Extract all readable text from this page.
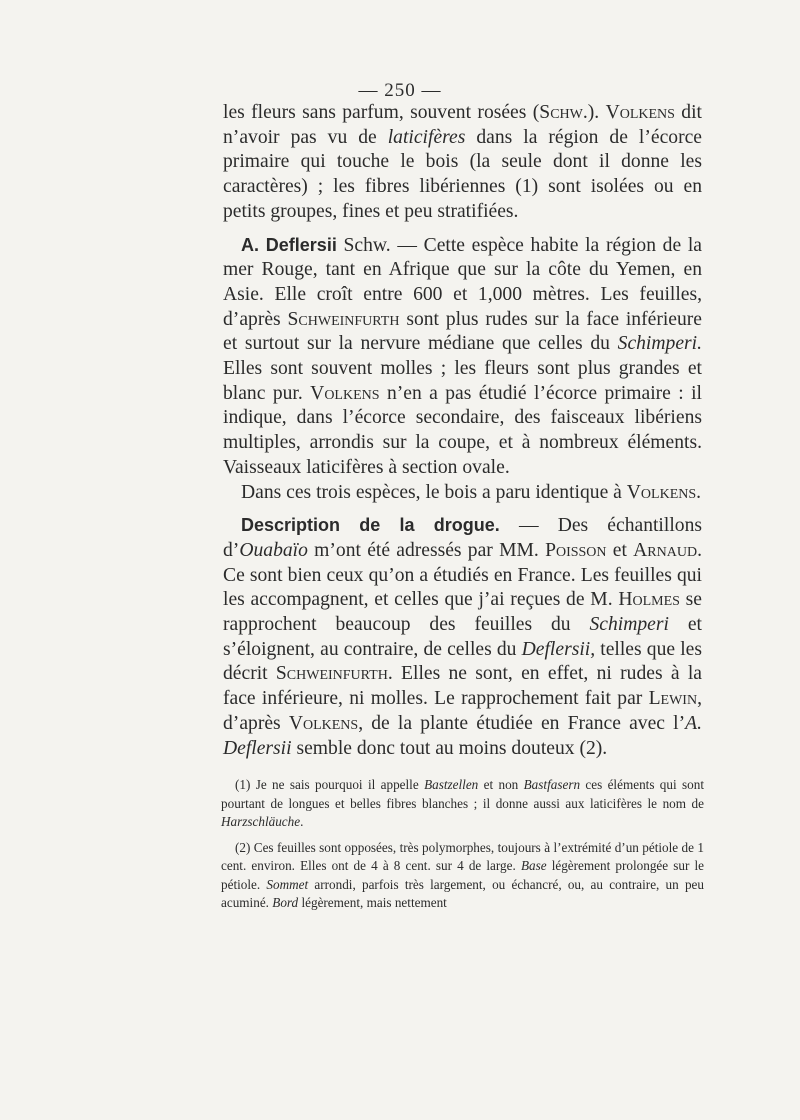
— 250 —

les fleurs sans parfum, souvent rosées (Schw.). Volkens dit n’avoir pas vu de laticifères dans la région de l’écorce primaire qui touche le bois (la seule dont il donne les caractères) ; les fibres libériennes (1) sont isolées ou en petits groupes, fines et peu stratifiées.

A. Deflersii Schw. — Cette espèce habite la région de la mer Rouge, tant en Afrique que sur la côte du Yemen, en Asie. Elle croît entre 600 et 1,000 mètres. Les feuilles, d’après Schweinfurth sont plus rudes sur la face inférieure et surtout sur la nervure médiane que celles du Schimperi. Elles sont souvent molles ; les fleurs sont plus grandes et blanc pur. Volkens n’en a pas étudié l’écorce primaire : il indique, dans l’écorce secondaire, des faisceaux libériens multiples, arrondis sur la coupe, et à nombreux éléments. Vaisseaux laticifères à section ovale.

Dans ces trois espèces, le bois a paru identique à Volkens.

Description de la drogue. — Des échantillons d’Ouabaïo m’ont été adressés par MM. Poisson et Arnaud. Ce sont bien ceux qu’on a étudiés en France. Les feuilles qui les accompagnent, et celles que j’ai reçues de M. Holmes se rapprochent beaucoup des feuilles du Schimperi et s’éloignent, au contraire, de celles du Deflersii, telles que les décrit Schweinfurth. Elles ne sont, en effet, ni rudes à la face inférieure, ni molles. Le rapprochement fait par Lewin, d’après Volkens, de la plante étudiée en France avec l’A. Deflersii semble donc tout au moins douteux (2).

(1) Je ne sais pourquoi il appelle Bastzellen et non Bastfasern ces éléments qui sont pourtant de longues et belles fibres blanches ; il donne aussi aux laticifères le nom de Harzschläuche.

(2) Ces feuilles sont opposées, très polymorphes, toujours à l’extrémité d’un pétiole de 1 cent. environ. Elles ont de 4 à 8 cent. sur 4 de large. Base légèrement prolongée sur le pétiole. Sommet arrondi, parfois très largement, ou échancré, ou, au contraire, un peu acuminé. Bord légèrement, mais nettement
